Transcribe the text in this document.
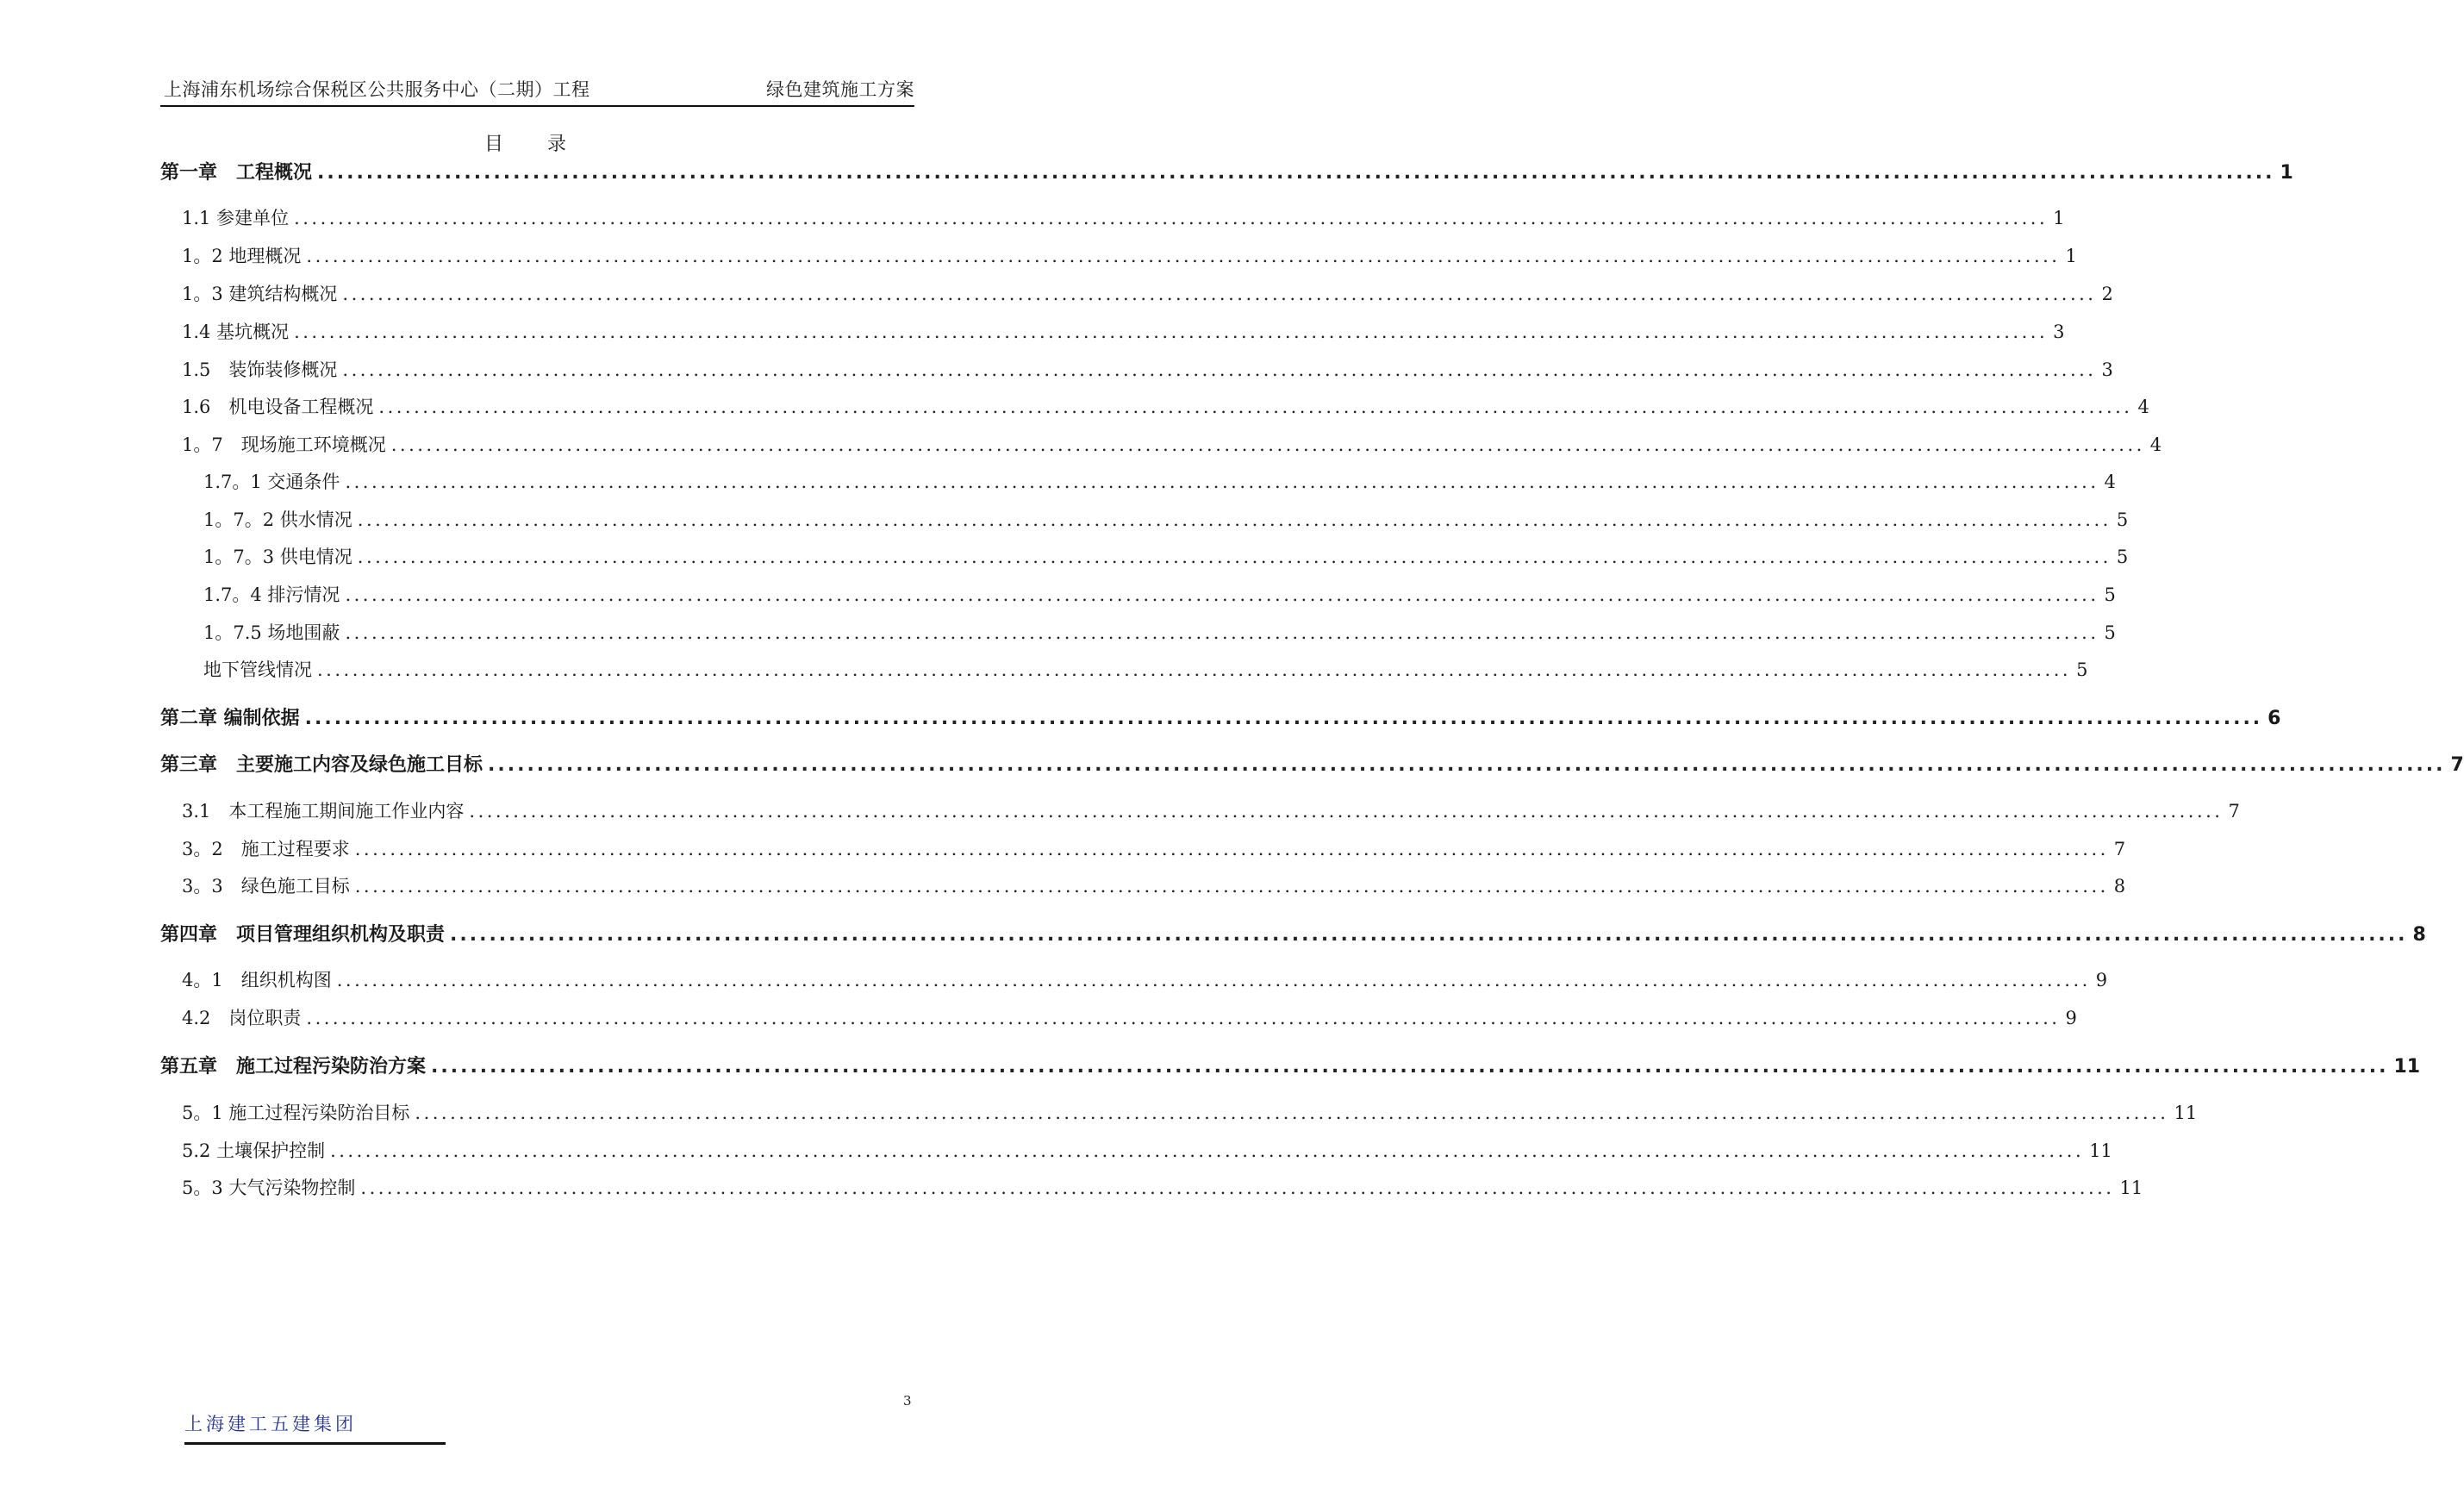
上海浦东机场综合保税区公共服务中心（二期）工程	绿色建筑施工方案
目 录
第一章　工程概况 ........................................................................................................................................................................................................ 1
1.1 参建单位 ........................................................................................................................................................................................................ 1
1。2 地理概况 ........................................................................................................................................................................................................ 1
1。3 建筑结构概况 ........................................................................................................................................................................................................ 2
1.4 基坑概况 ........................................................................................................................................................................................................ 3
1.5　装饰装修概况 ........................................................................................................................................................................................................ 3
1.6　机电设备工程概况 ........................................................................................................................................................................................................ 4
1。7　现场施工环境概况 ........................................................................................................................................................................................................ 4
1.7。1 交通条件 ........................................................................................................................................................................................................ 4
1。7。2 供水情况 ........................................................................................................................................................................................................ 5
1。7。3 供电情况 ........................................................................................................................................................................................................ 5
1.7。4 排污情况 ........................................................................................................................................................................................................ 5
1。7.5 场地围蔽 ........................................................................................................................................................................................................ 5
地下管线情况 ........................................................................................................................................................................................................ 5
第二章 编制依据 ........................................................................................................................................................................................................ 6
第三章　主要施工内容及绿色施工目标 ........................................................................................................................................................................................................ 7
3.1　本工程施工期间施工作业内容 ........................................................................................................................................................................................................ 7
3。2　施工过程要求 ........................................................................................................................................................................................................ 7
3。3　绿色施工目标 ........................................................................................................................................................................................................ 8
第四章　项目管理组织机构及职责 ........................................................................................................................................................................................................ 8
4。1　组织机构图 ........................................................................................................................................................................................................ 9
4.2　岗位职责 ........................................................................................................................................................................................................ 9
第五章　施工过程污染防治方案 ........................................................................................................................................................................................................ 11
5。1 施工过程污染防治目标 ........................................................................................................................................................................................................ 11
5.2 土壤保护控制 ........................................................................................................................................................................................................ 11
5。3 大气污染物控制 ........................................................................................................................................................................................................ 11
3
上海建工五建集团
